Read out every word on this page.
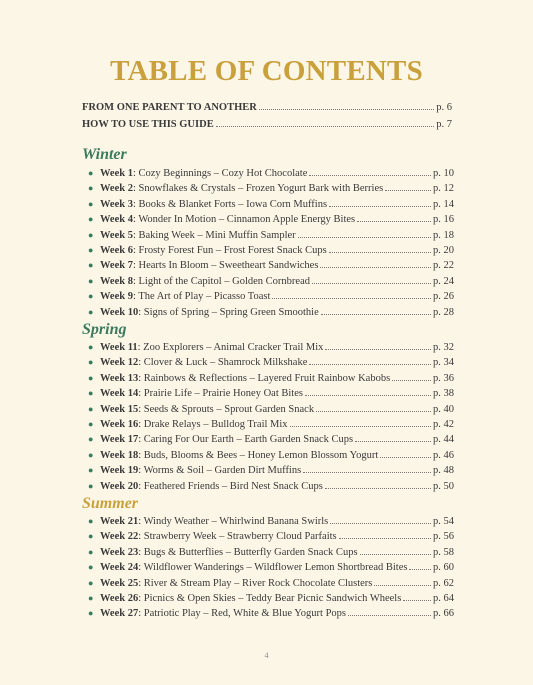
TABLE OF CONTENTS
FROM ONE PARENT TO ANOTHER	p. 6
HOW TO USE THIS GUIDE	p. 7
Winter
● Week 1 : Cozy Beginnings – Cozy Hot Chocolate	p. 10
● Week 2 : Snowflakes & Crystals – Frozen Yogurt Bark with Berries	p. 12
● Week 3 : Books & Blanket Forts – Iowa Corn Muffins	p. 14
● Week 4 : Wonder In Motion – Cinnamon Apple Energy Bites	p. 16
● Week 5 : Baking Week – Mini Muffin Sampler	p. 18
● Week 6 : Frosty Forest Fun – Frost Forest Snack Cups	p. 20
● Week 7 : Hearts In Bloom – Sweetheart Sandwiches	p. 22
● Week 8 : Light of the Capitol – Golden Cornbread	p. 24
● Week 9 : The Art of Play – Picasso Toast	p. 26
● Week 10 : Signs of Spring – Spring Green Smoothie	p. 28
Spring
● Week 11 : Zoo Explorers – Animal Cracker Trail Mix	p. 32
● Week 12 : Clover & Luck – Shamrock Milkshake	p. 34
● Week 13 : Rainbows & Reflections – Layered Fruit Rainbow Kabobs	p. 36
● Week 14 : Prairie Life – Prairie Honey Oat Bites	p. 38
● Week 15 : Seeds & Sprouts – Sprout Garden Snack	p. 40
● Week 16 : Drake Relays – Bulldog Trail Mix	p. 42
● Week 17 : Caring For Our Earth – Earth Garden Snack Cups	p. 44
● Week 18 : Buds, Blooms & Bees – Honey Lemon Blossom Yogurt	p. 46
● Week 19 : Worms & Soil – Garden Dirt Muffins	p. 48
● Week 20 : Feathered Friends – Bird Nest Snack Cups	p. 50
Summer
● Week 21 : Windy Weather – Whirlwind Banana Swirls	p. 54
● Week 22 : Strawberry Week – Strawberry Cloud Parfaits	p. 56
● Week 23 : Bugs & Butterflies – Butterfly Garden Snack Cups	p. 58
● Week 24 : Wildflower Wanderings – Wildflower Lemon Shortbread Bites p. 60
● Week 25 : River & Stream Play – River Rock Chocolate Clusters	p. 62
● Week 26 : Picnics & Open Skies – Teddy Bear Picnic Sandwich Wheels	p. 64
● Week 27 : Patriotic Play – Red, White & Blue Yogurt Pops	p. 66
4
